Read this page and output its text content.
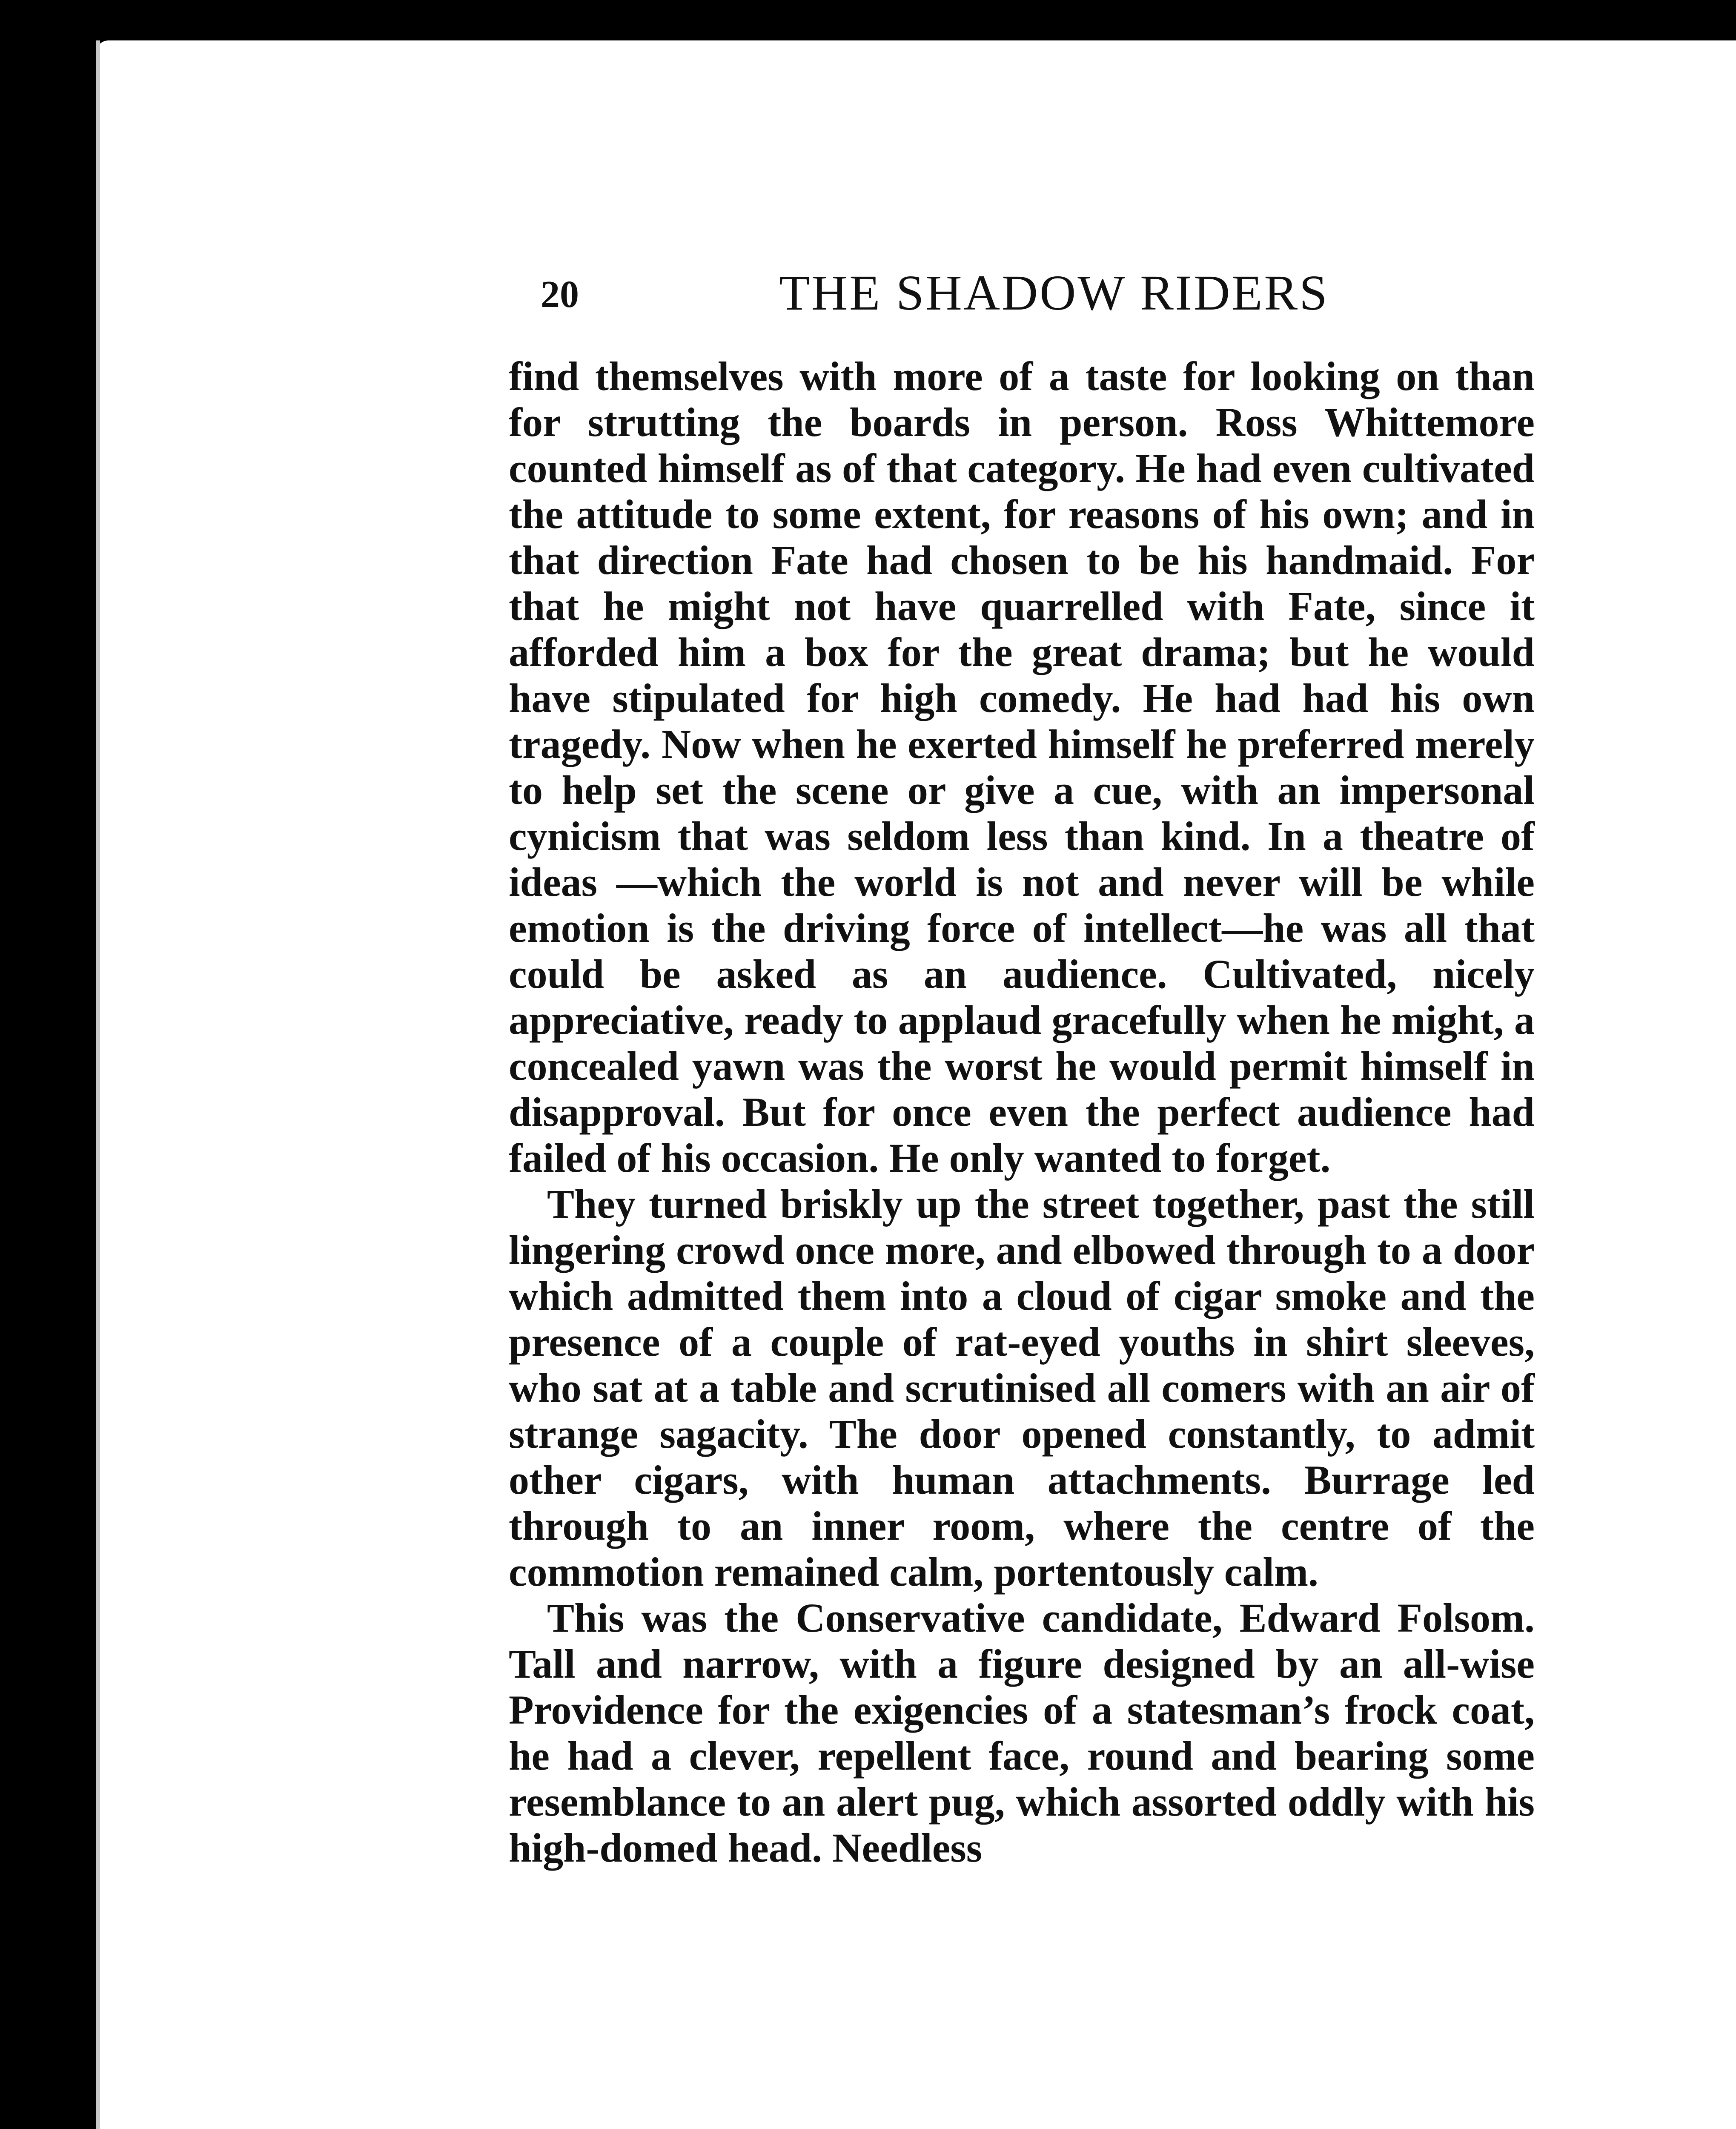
20	THE SHADOW RIDERS

find themselves with more of a taste for looking on than for strutting the boards in person. Ross Whittemore counted himself as of that category. He had even cultivated the attitude to some extent, for reasons of his own; and in that direction Fate had chosen to be his handmaid. For that he might not have quarrelled with Fate, since it afforded him a box for the great drama; but he would have stipulated for high comedy. He had had his own tragedy. Now when he exerted himself he preferred merely to help set the scene or give a cue, with an impersonal cynicism that was seldom less than kind. In a theatre of ideas —which the world is not and never will be while emotion is the driving force of intellect—he was all that could be asked as an audience. Cultivated, nicely appreciative, ready to applaud gracefully when he might, a concealed yawn was the worst he would permit himself in disapproval. But for once even the perfect audience had failed of his occasion. He only wanted to forget.

They turned briskly up the street together, past the still lingering crowd once more, and elbowed through to a door which admitted them into a cloud of cigar smoke and the presence of a couple of rat-eyed youths in shirt sleeves, who sat at a table and scrutinised all comers with an air of strange sagacity. The door opened constantly, to admit other cigars, with human attachments. Burrage led through to an inner room, where the centre of the commotion remained calm, portentously calm.

This was the Conservative candidate, Edward Folsom. Tall and narrow, with a figure designed by an all-wise Providence for the exigencies of a statesman’s frock coat, he had a clever, repellent face, round and bearing some resemblance to an alert pug, which assorted oddly with his high-domed head. Needless
